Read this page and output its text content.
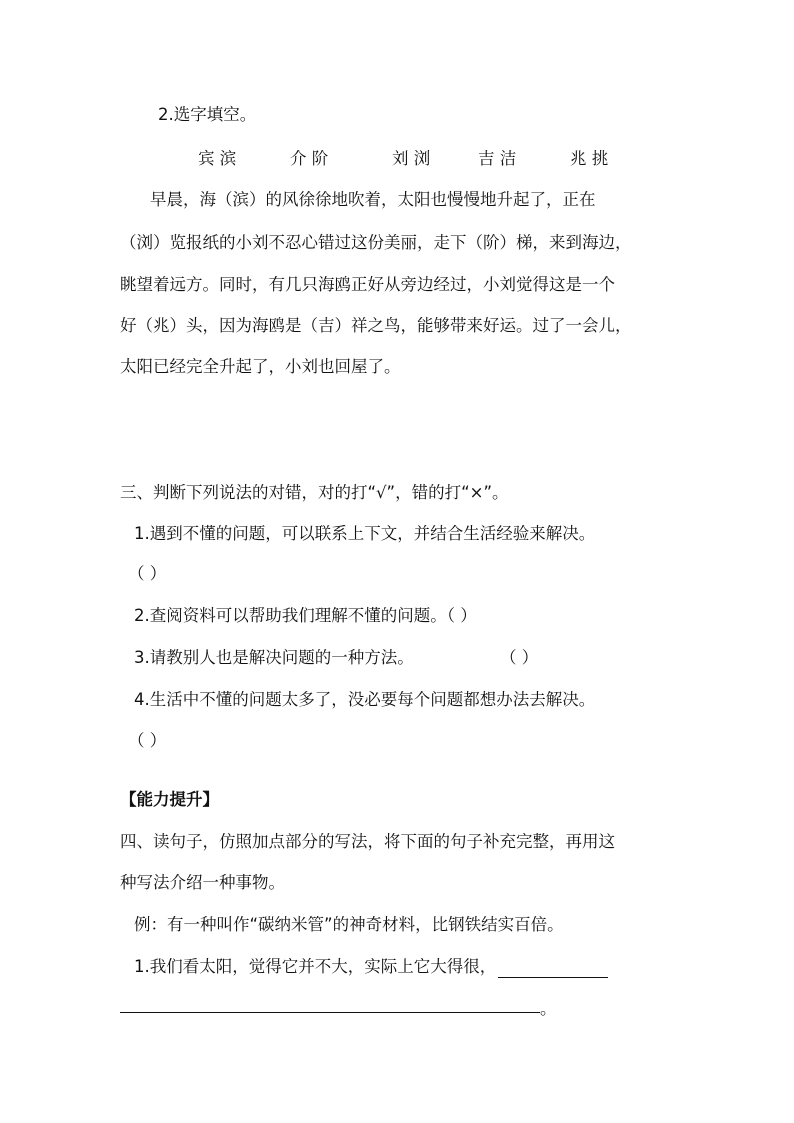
2.选字填空。
宾 滨	介 阶	刘 浏	吉 洁	兆 挑
早晨，海（滨）的风徐徐地吹着，太阳也慢慢地升起了，正在
（浏）览报纸的小刘不忍心错过这份美丽，走下（阶）梯，来到海边，
眺望着远方。同时，有几只海鸥正好从旁边经过，小刘觉得这是一个
好（兆）头，因为海鸥是（吉）祥之鸟，能够带来好运。过了一会儿，
太阳已经完全升起了，小刘也回屋了。
三、判断下列说法的对错，对的打“√”，错的打“×”。
1.遇到不懂的问题，可以联系上下文，并结合生活经验来解决。
（ ）
2.查阅资料可以帮助我们理解不懂的问题。（ ）
3.请教别人也是解决问题的一种方法。	（ ）
4.生活中不懂的问题太多了，没必要每个问题都想办法去解决。
（ ）
【能力提升】
四、读句子，仿照加点部分的写法，将下面的句子补充完整，再用这
种写法介绍一种事物。
例：有一种叫作“碳纳米管”的神奇材料，比钢铁结实百倍。
1.我们看太阳，觉得它并不大，实际上它大得很，
。
